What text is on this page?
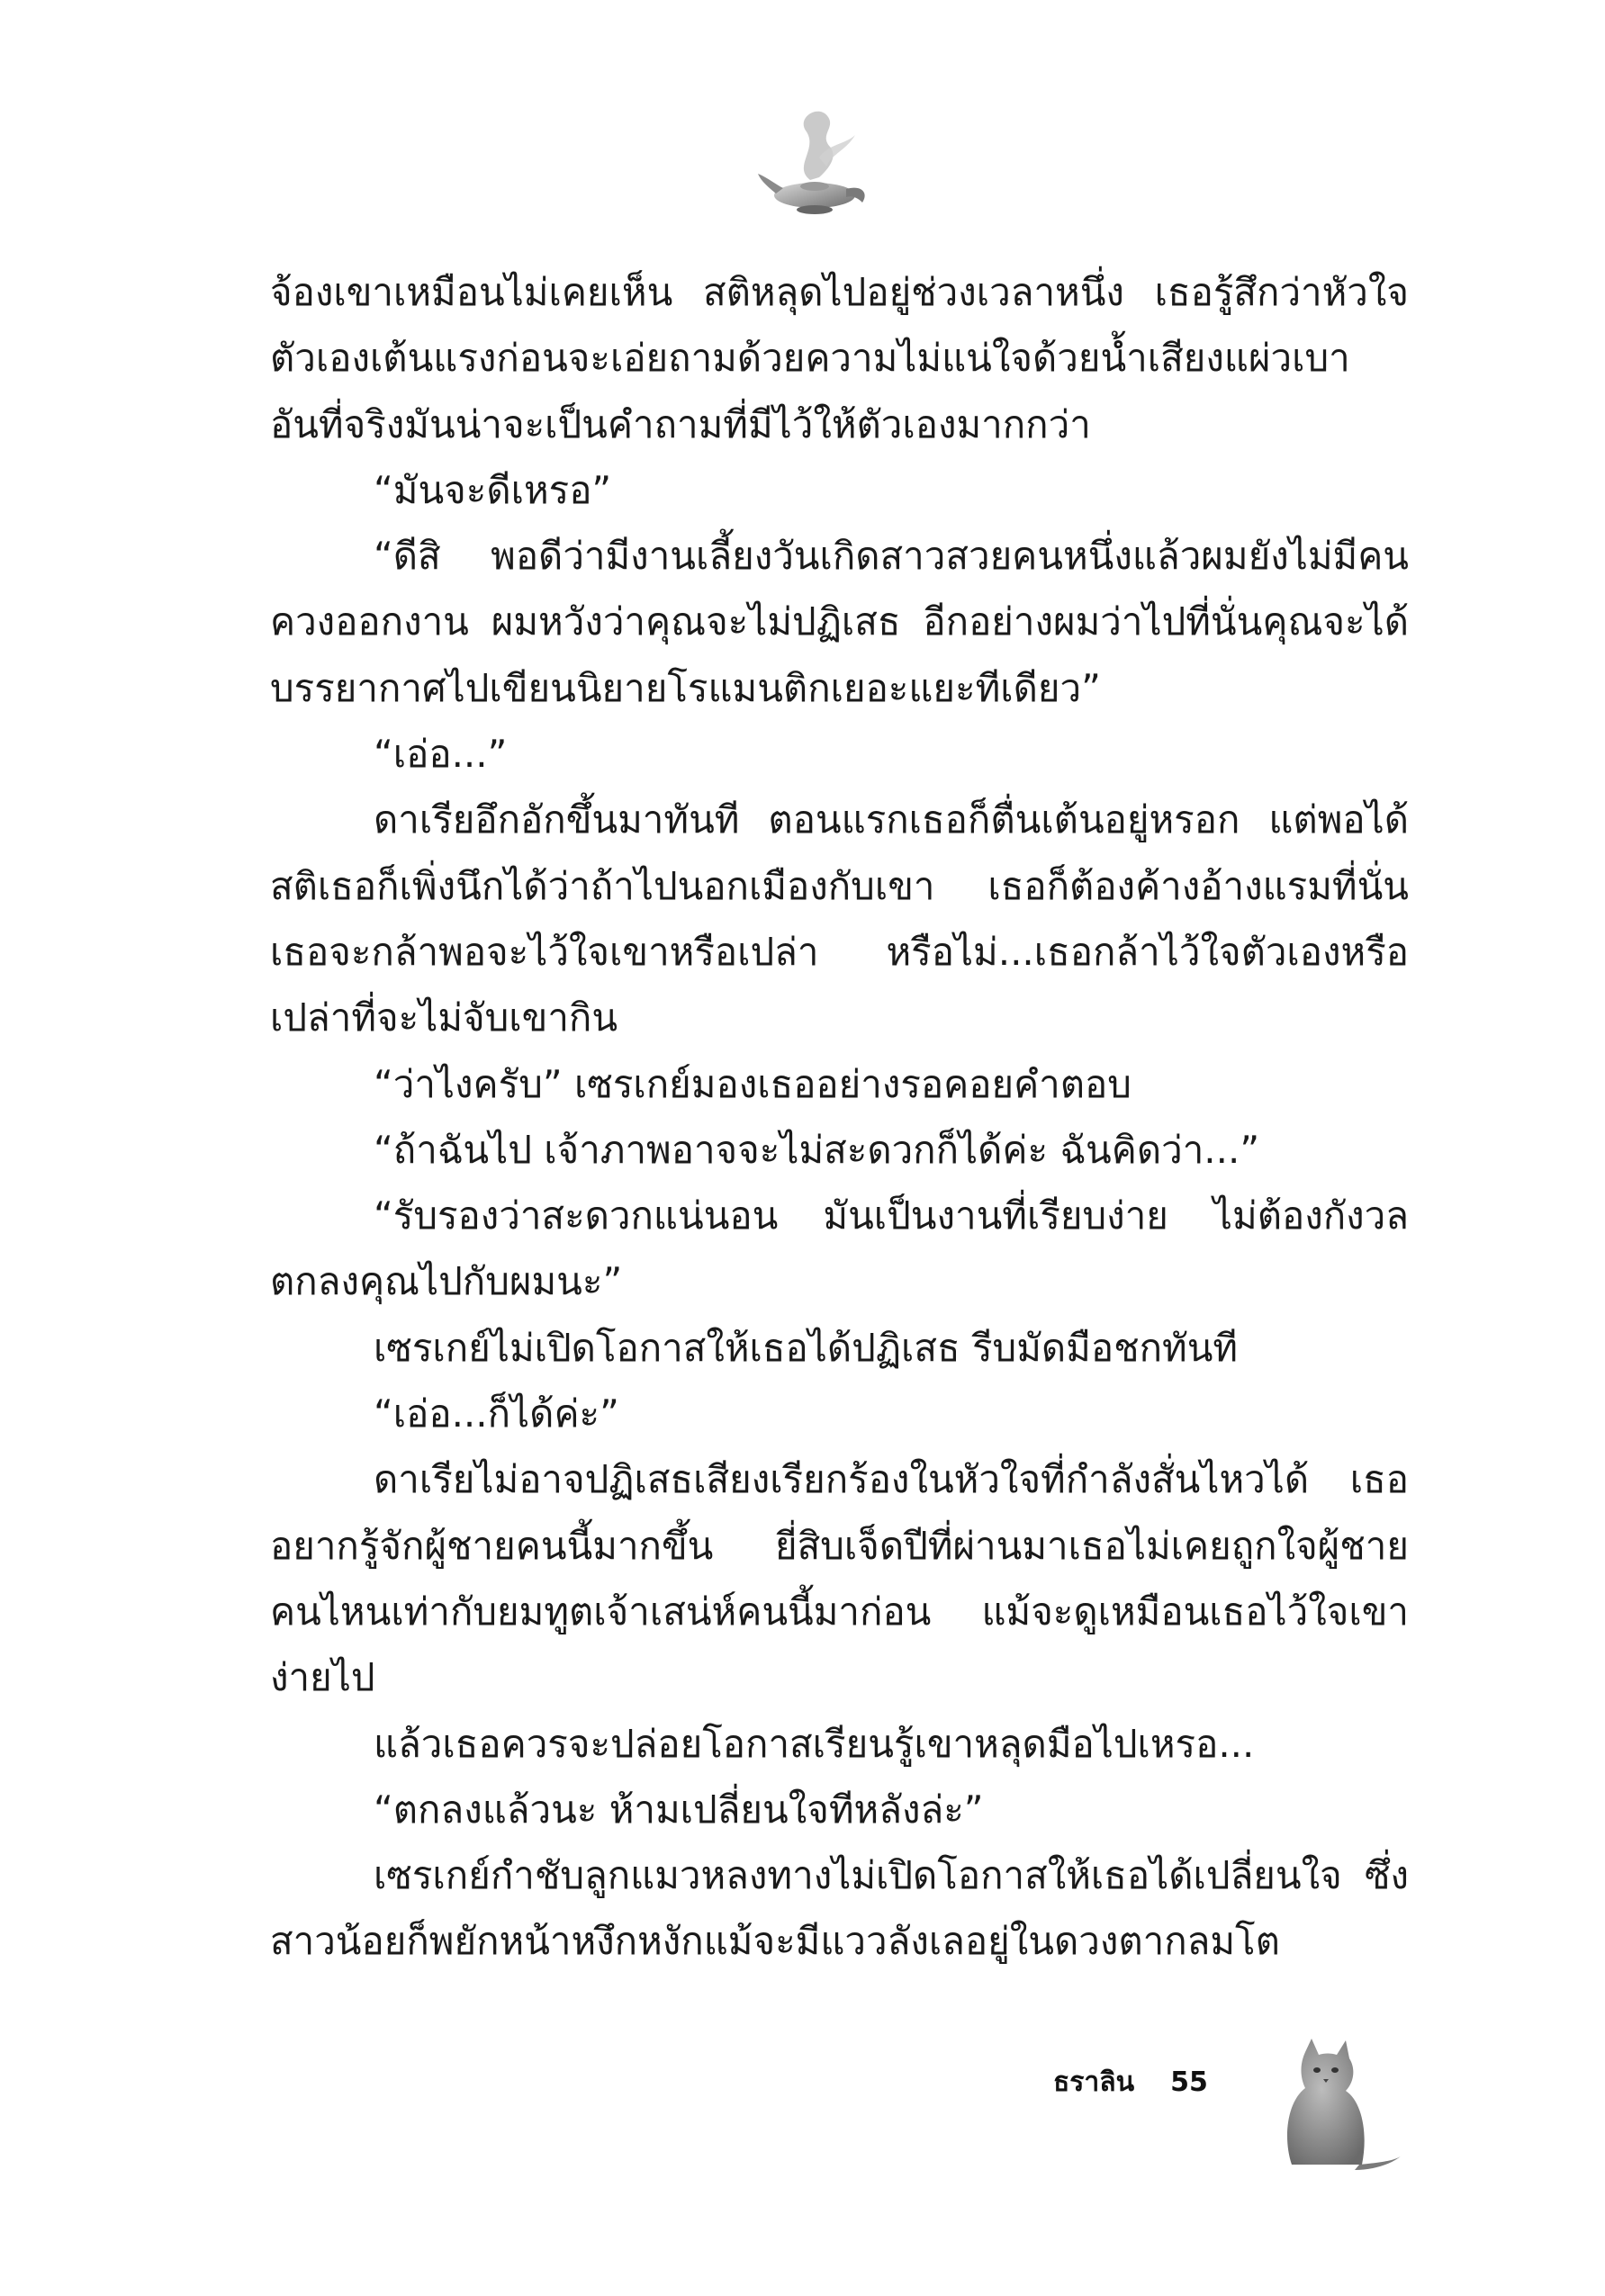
จ้องเขาเหมือนไม่เคยเห็น สติหลุดไปอยู่ช่วงเวลาหนึ่ง เธอรู้สึกว่าหัวใจตัวเองเต้นแรงก่อนจะเอ่ยถามด้วยความไม่แน่ใจด้วยน้ำเสียงแผ่วเบา อันที่จริงมันน่าจะเป็นคำถามที่มีไว้ให้ตัวเองมากกว่า

“มันจะดีเหรอ”

“ดีสิ พอดีว่ามีงานเลี้ยงวันเกิดสาวสวยคนหนึ่งแล้วผมยังไม่มีคนควงออกงาน ผมหวังว่าคุณจะไม่ปฏิเสธ อีกอย่างผมว่าไปที่นั่นคุณจะได้บรรยากาศไปเขียนนิยายโรแมนติกเยอะแยะทีเดียว”

“เอ่อ...”

ดาเรียอึกอักขึ้นมาทันที ตอนแรกเธอก็ตื่นเต้นอยู่หรอก แต่พอได้สติเธอก็เพิ่งนึกได้ว่าถ้าไปนอกเมืองกับเขา เธอก็ต้องค้างอ้างแรมที่นั่น เธอจะกล้าพอจะไว้ใจเขาหรือเปล่า หรือไม่...เธอกล้าไว้ใจตัวเองหรือเปล่าที่จะไม่จับเขากิน

“ว่าไงครับ” เซรเกย์มองเธออย่างรอคอยคำตอบ

“ถ้าฉันไป เจ้าภาพอาจจะไม่สะดวกก็ได้ค่ะ ฉันคิดว่า...”

“รับรองว่าสะดวกแน่นอน มันเป็นงานที่เรียบง่าย ไม่ต้องกังวลตกลงคุณไปกับผมนะ”

เซรเกย์ไม่เปิดโอกาสให้เธอได้ปฏิเสธ รีบมัดมือชกทันที

“เอ่อ...ก็ได้ค่ะ”

ดาเรียไม่อาจปฏิเสธเสียงเรียกร้องในหัวใจที่กำลังสั่นไหวได้ เธออยากรู้จักผู้ชายคนนี้มากขึ้น ยี่สิบเจ็ดปีที่ผ่านมาเธอไม่เคยถูกใจผู้ชายคนไหนเท่ากับยมทูตเจ้าเสน่ห์คนนี้มาก่อน แม้จะดูเหมือนเธอไว้ใจเขาง่ายไป

แล้วเธอควรจะปล่อยโอกาสเรียนรู้เขาหลุดมือไปเหรอ...

“ตกลงแล้วนะ ห้ามเปลี่ยนใจทีหลังล่ะ”

เซรเกย์กำชับลูกแมวหลงทางไม่เปิดโอกาสให้เธอได้เปลี่ยนใจ ซึ่งสาวน้อยก็พยักหน้าหงึกหงักแม้จะมีแววลังเลอยู่ในดวงตากลมโต

ธราลิน 55
